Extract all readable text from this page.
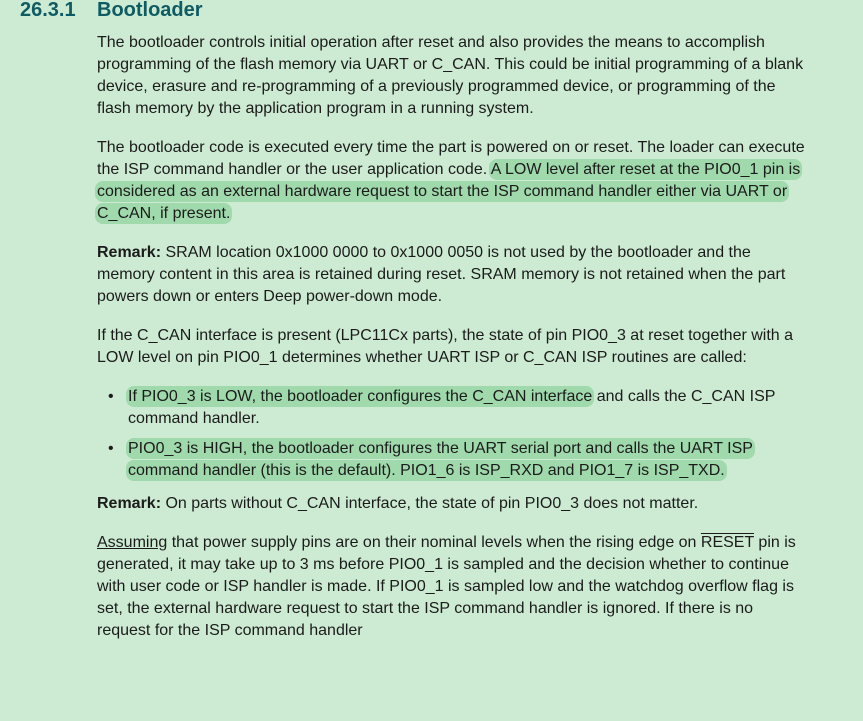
26.3.1 Bootloader

The bootloader controls initial operation after reset and also provides the means to accomplish programming of the flash memory via UART or C_CAN. This could be initial programming of a blank device, erasure and re-programming of a previously programmed device, or programming of the flash memory by the application program in a running system.

The bootloader code is executed every time the part is powered on or reset. The loader can execute the ISP command handler or the user application code. A LOW level after reset at the PIO0_1 pin is considered as an external hardware request to start the ISP command handler either via UART or C_CAN, if present.

Remark: SRAM location 0x1000 0000 to 0x1000 0050 is not used by the bootloader and the memory content in this area is retained during reset. SRAM memory is not retained when the part powers down or enters Deep power-down mode.

If the C_CAN interface is present (LPC11Cx parts), the state of pin PIO0_3 at reset together with a LOW level on pin PIO0_1 determines whether UART ISP or C_CAN ISP routines are called:

• If PIO0_3 is LOW, the bootloader configures the C_CAN interface and calls the C_CAN ISP command handler.
• PIO0_3 is HIGH, the bootloader configures the UART serial port and calls the UART ISP command handler (this is the default). PIO1_6 is ISP_RXD and PIO1_7 is ISP_TXD.

Remark: On parts without C_CAN interface, the state of pin PIO0_3 does not matter.

Assuming that power supply pins are on their nominal levels when the rising edge on RESET pin is generated, it may take up to 3 ms before PIO0_1 is sampled and the decision whether to continue with user code or ISP handler is made. If PIO0_1 is sampled low and the watchdog overflow flag is set, the external hardware request to start the ISP command handler is ignored. If there is no request for the ISP command handler
